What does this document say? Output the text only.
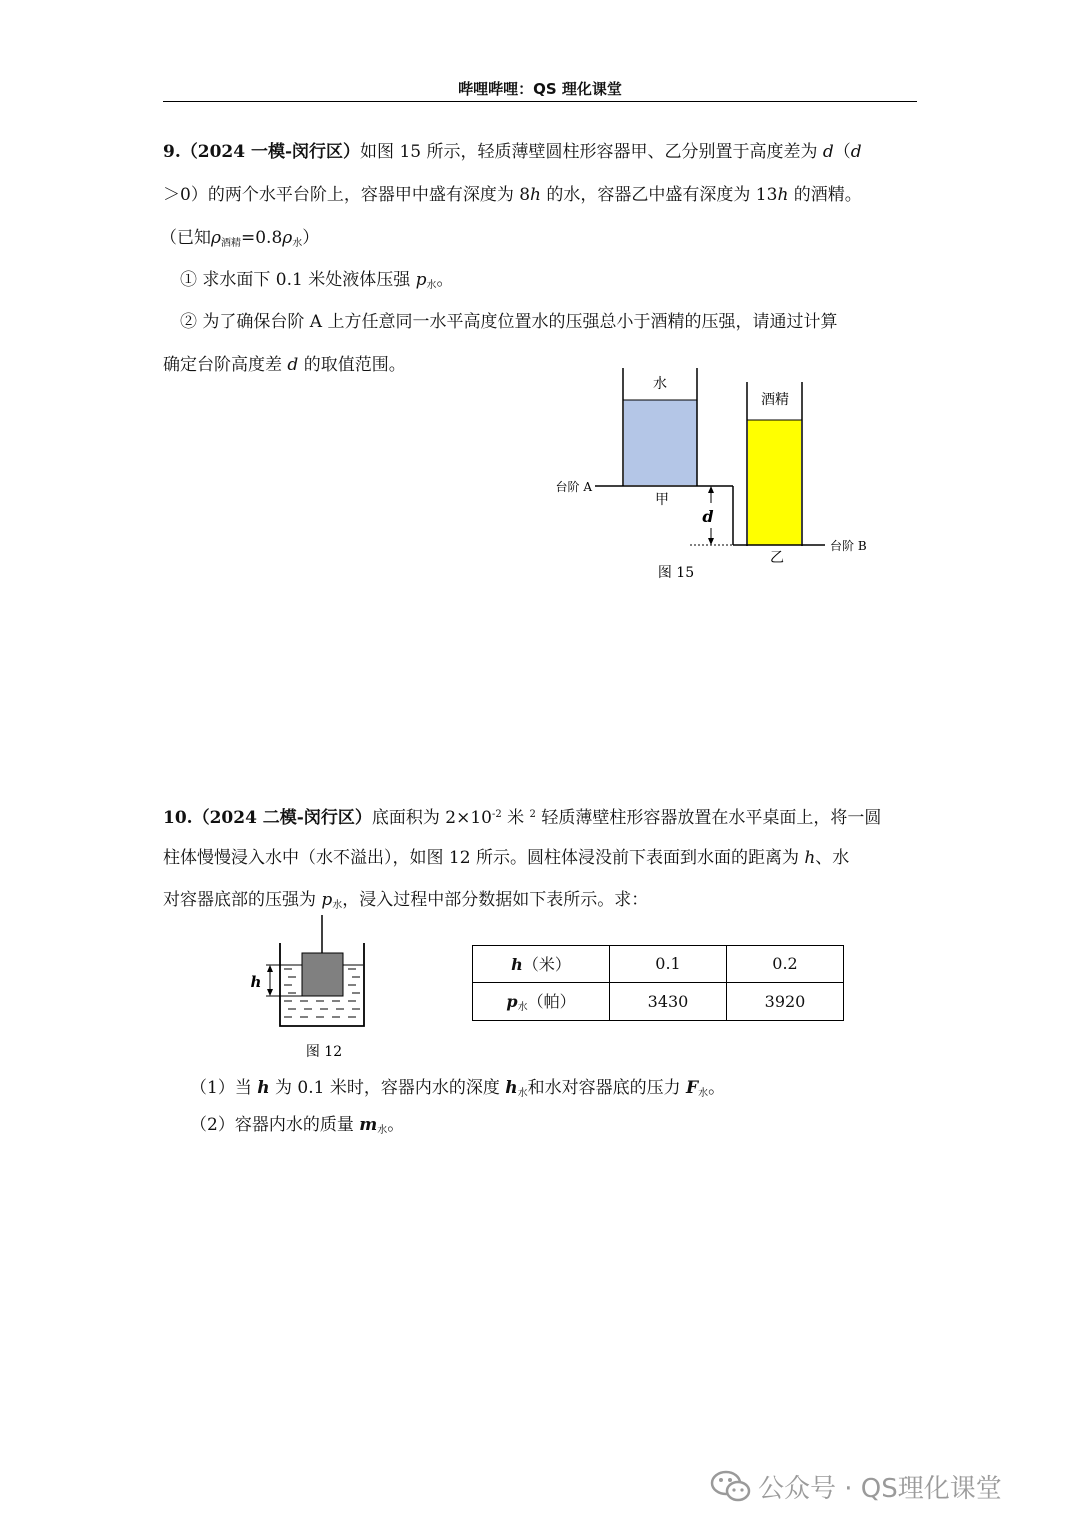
哔哩哔哩：QS 理化课堂
9.（2024 一模-闵行区）如图 15 所示，轻质薄壁圆柱形容器甲、乙分别置于高度差为 d（d
＞0）的两个水平台阶上，容器甲中盛有深度为 8h 的水，容器乙中盛有深度为 13h 的酒精。
（已知$\rho_{酒精}=0.8\rho_水$）
① 求水面下 0.1 米处液体压强 $p_水$。
② 为了确保台阶 A 上方任意同一水平高度位置水的压强总小于酒精的压强，请通过计算
确定台阶高度差 d 的取值范围。
水
台阶 A
甲
d
酒精
台阶 B
乙
图 15
10.（2024 二模-闵行区）底面积为 $2\times 10^{-2}$ 米 $^2$ 轻质薄壁柱形容器放置在水平桌面上，将一圆
柱体慢慢浸入水中（水不溢出），如图 12 所示。圆柱体浸没前下表面到水面的距离为 h、水
对容器底部的压强为 $p_水$，浸入过程中部分数据如下表所示。求：
h
图 12
h（米）	0.1	0.2
$p_水$（帕）	3430	3920
（1）当 h 为 0.1 米时，容器内水的深度 $h_水$和水对容器底的压力 $F_水$。
（2）容器内水的质量 $m_水$。
公众号 · QS理化课堂
